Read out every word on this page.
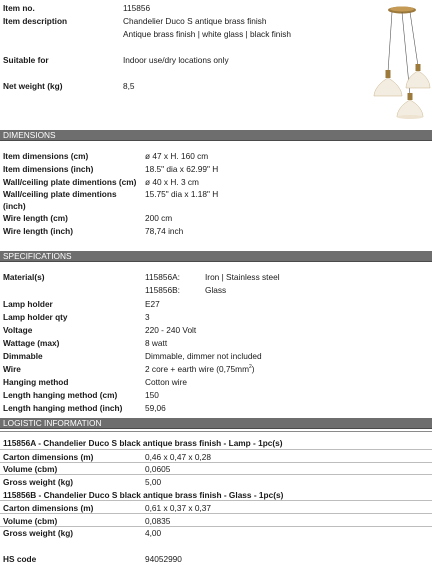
Item no.	115856
Item description	Chandelier Duco S antique brass finish
Antique brass finish | white glass | black finish
Suitable for	Indoor use/dry locations only
Net weight (kg)	8,5
DIMENSIONS
Item dimensions (cm)	ø 47 x H. 160 cm
Item dimensions (inch)	18.5" dia x 62.99" H
Wall/ceiling plate dimentions (cm) ø 40 x H. 3 cm
Wall/ceiling plate dimentions	15.75" dia x 1.18" H
(inch)
Wire length (cm)	200 cm
Wire length (inch)	78,74 inch
SPECIFICATIONS
Material(s)	115856A:	Iron | Stainless steel
115856B:	Glass
Lamp holder	E27
Lamp holder qty	3
Voltage	220 - 240 Volt
Wattage (max)	8 watt
Dimmable	Dimmable, dimmer not included
Wire	2 core + earth wire $(0,75mm^2)$
Hanging method	Cotton wire
Length hanging method (cm)	150
Length hanging method (inch)	59,06
LOGISTIC INFORMATION
115856A - Chandelier Duco S black antique brass finish - Lamp - 1pc(s)
Carton dimensions (m)	0,46 x 0,47 x 0,28
Volume (cbm)	0,0605
Gross weight (kg)	5,00
115856B - Chandelier Duco S black antique brass finish - Glass - 1pc(s)
Carton dimensions (m)	0,61 x 0,37 x 0,37
Volume (cbm)	0,0835
Gross weight (kg)	4,00
HS code	94052990
